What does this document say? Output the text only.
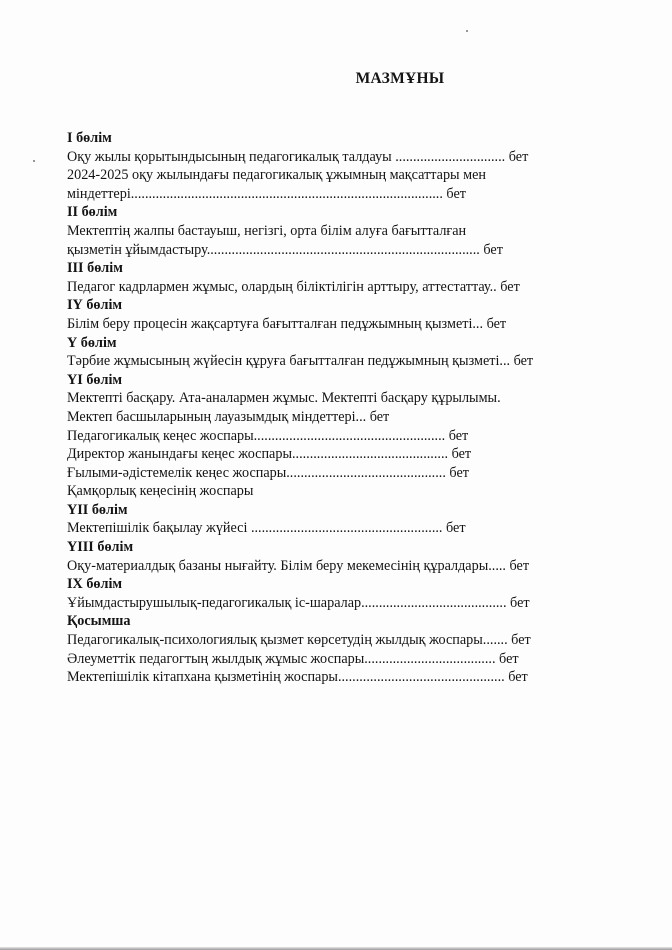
МАЗМҰНЫ
І бөлім
Оқу жылы қорытындысының педагогикалық талдауы ............................... бет
2024-2025 оқу жылындағы педагогикалық ұжымның мақсаттары мен
міндеттері........................................................................................ бет
ІІ бөлім
Мектептің жалпы бастауыш, негізгі, орта білім алуға бағытталған
қызметін ұйымдастыру............................................................................. бет
ІІІ бөлім
Педагог кадрлармен жұмыс, олардың біліктілігін арттыру, аттестаттау.. бет
ІҮ бөлім
Білім беру процесін жақсартуға бағытталған педұжымның қызметі... бет
Ү бөлім
Тәрбие жұмысының жүйесін құруға бағытталған педұжымның қызметі... бет
ҮІ бөлім
Мектепті басқару. Ата-аналармен жұмыс. Мектепті басқару құрылымы.
Мектеп басшыларының лауазымдық міндеттері... бет
Педагогикалық кеңес жоспары...................................................... бет
Директор жанындағы кеңес жоспары............................................ бет
Ғылыми-әдістемелік кеңес жоспары............................................. бет
Қамқорлық кеңесінің жоспары
ҮІІ бөлім
Мектепішілік бақылау жүйесі ...................................................... бет
ҮІІІ бөлім
Оқу-материалдық базаны нығайту. Білім беру мекемесінің құралдары..... бет
ІХ бөлім
Ұйымдастырушылық-педагогикалық іс-шаралар......................................... бет
Қосымша
Педагогикалық-психологиялық қызмет көрсетудің жылдық жоспары....... бет
Әлеуметтік педагогтың жылдық жұмыс жоспары..................................... бет
Мектепішілік кітапхана қызметінің жоспары............................................... бет
